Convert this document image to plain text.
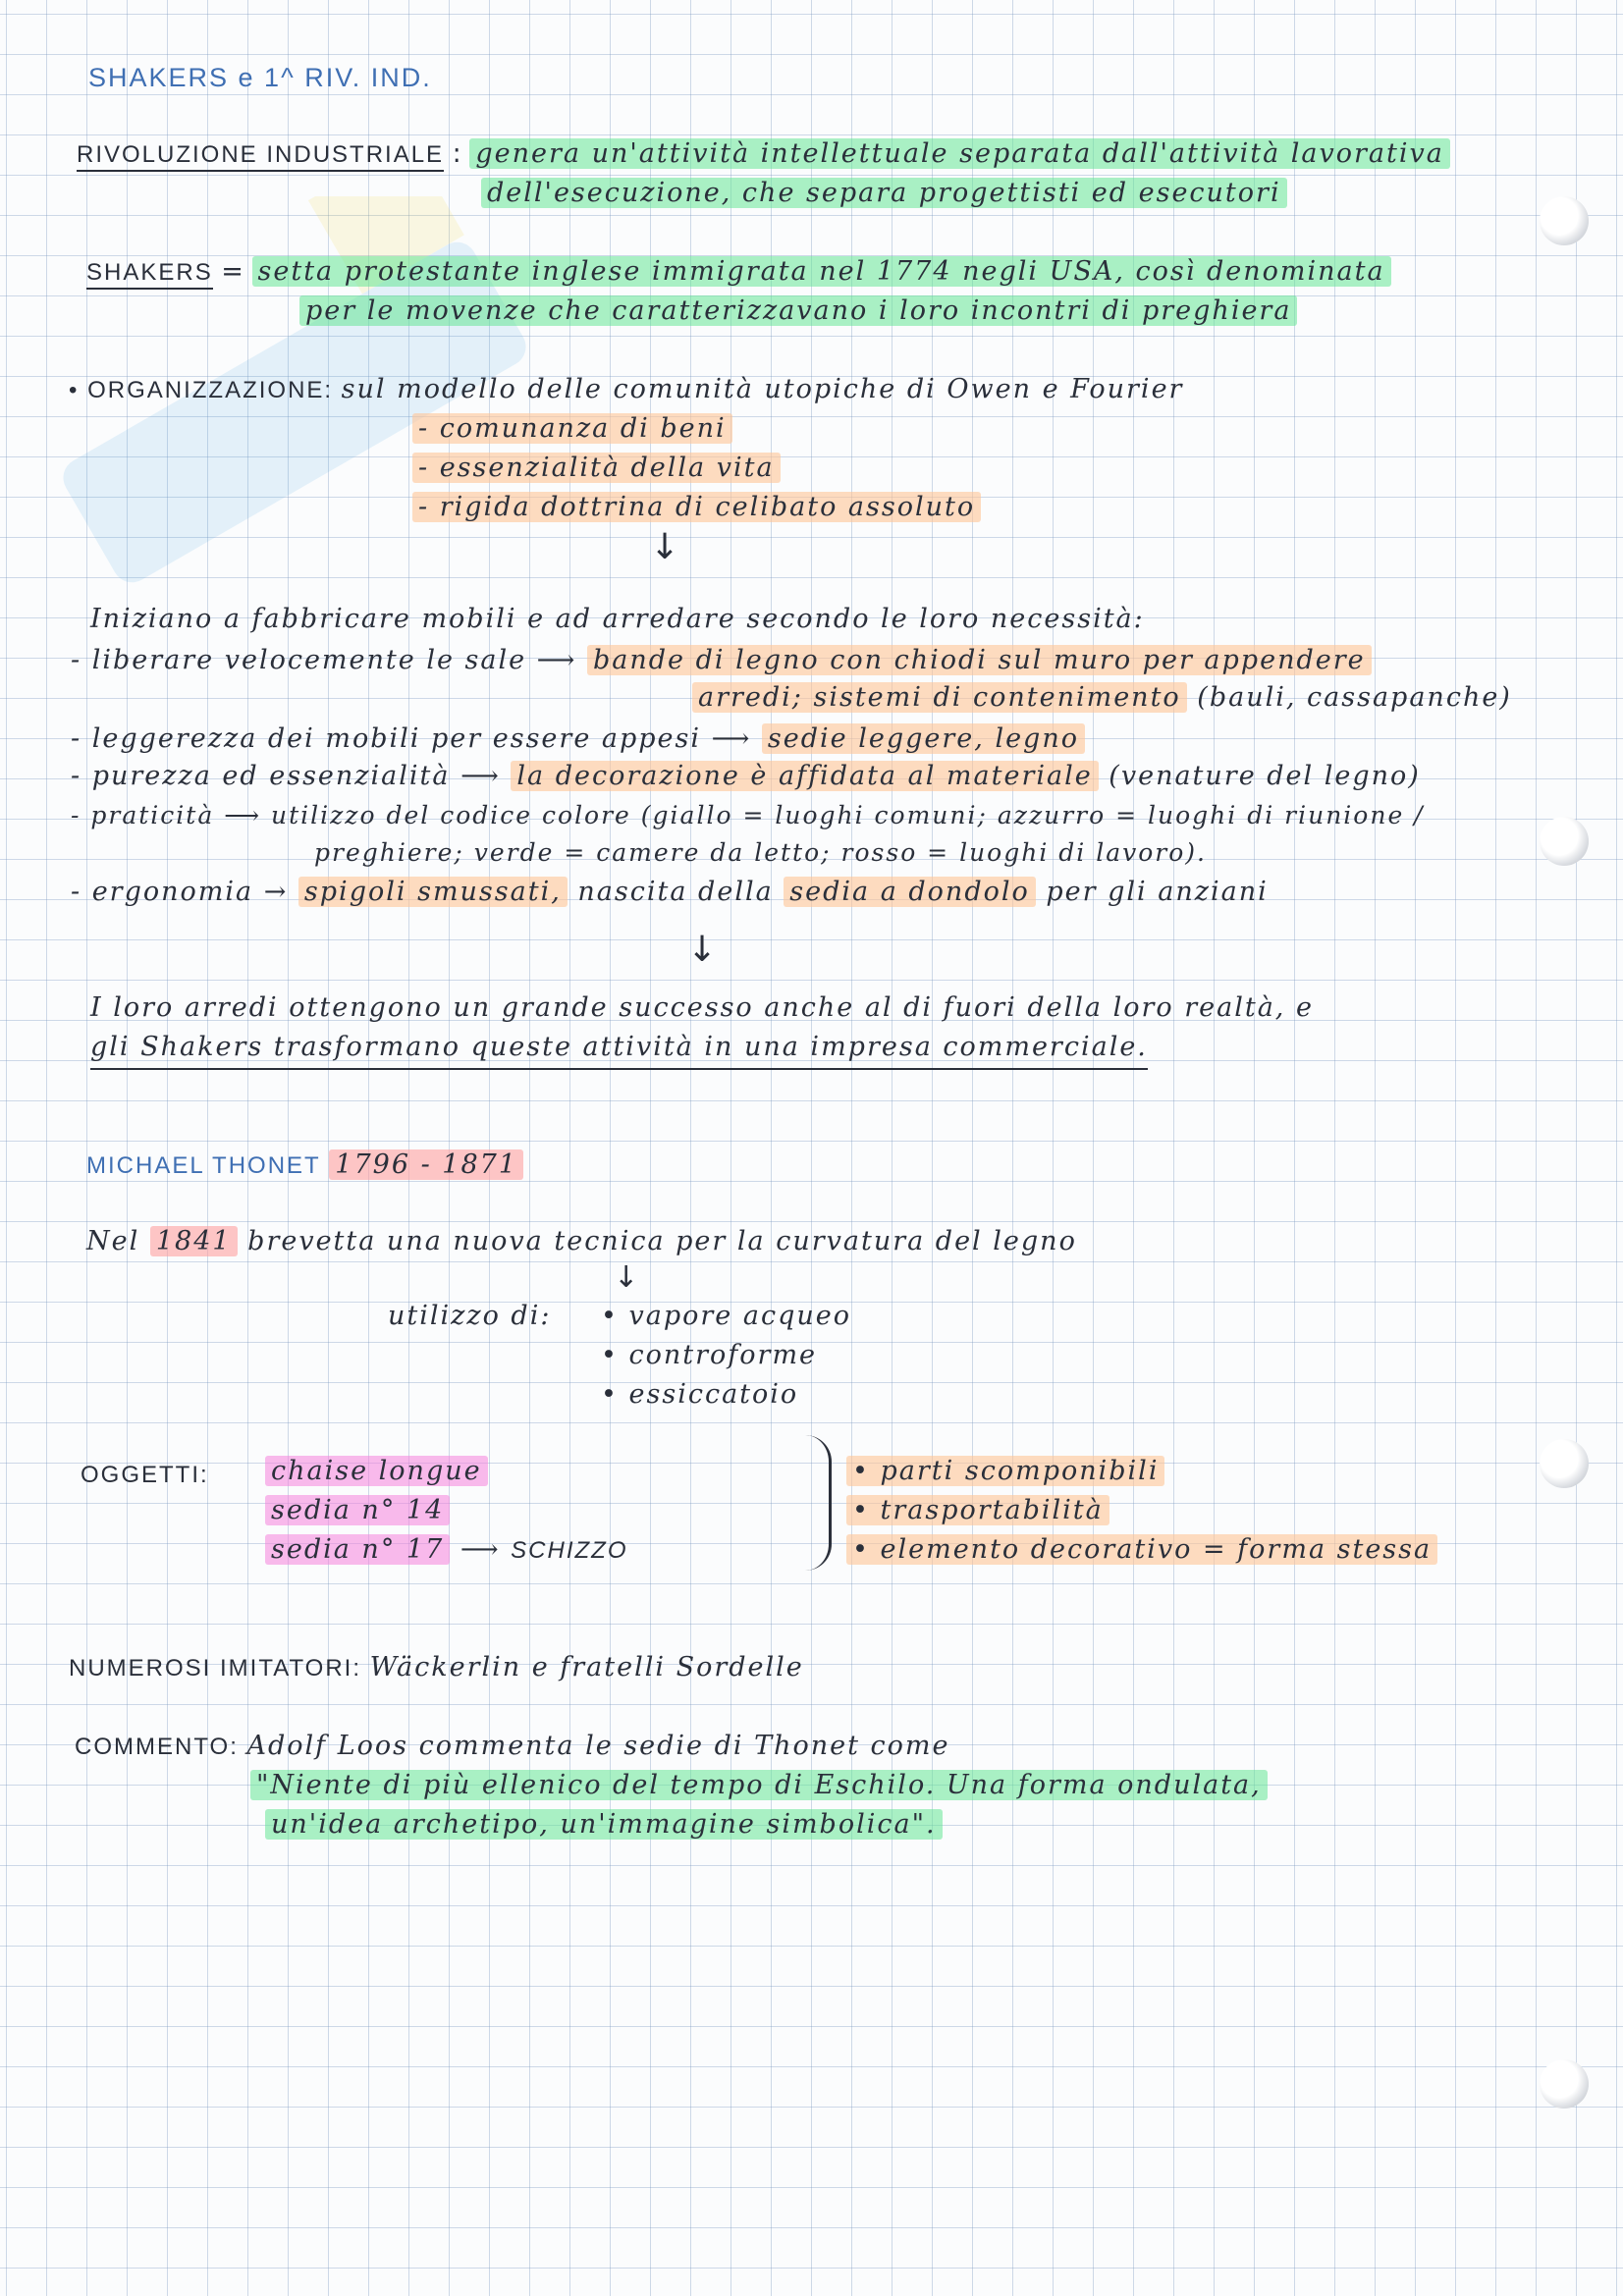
SHAKERS e 1^ RIV. IND.
RIVOLUZIONE INDUSTRIALE : genera un'attività intellettuale separata dall'attività lavorativa
dell'esecuzione, che separa progettisti ed esecutori
SHAKERS = setta protestante inglese immigrata nel 1774 negli USA, così denominata
per le movenze che caratterizzavano i loro incontri di preghiera
• ORGANIZZAZIONE: sul modello delle comunità utopiche di Owen e Fourier
- comunanza di beni
- essenzialità della vita
- rigida dottrina di celibato assoluto
↓
Iniziano a fabbricare mobili e ad arredare secondo le loro necessità:
- liberare velocemente le sale ⟶ bande di legno con chiodi sul muro per appendere
arredi; sistemi di contenimento (bauli, cassapanche)
- leggerezza dei mobili per essere appesi ⟶ sedie leggere, legno
- purezza ed essenzialità ⟶ la decorazione è affidata al materiale (venature del legno)
- praticità ⟶ utilizzo del codice colore (giallo = luoghi comuni; azzurro = luoghi di riunione /
preghiere; verde = camere da letto; rosso = luoghi di lavoro).
- ergonomia → spigoli smussati, nascita della sedia a dondolo per gli anziani
↓
I loro arredi ottengono un grande successo anche al di fuori della loro realtà, e
gli Shakers trasformano queste attività in una impresa commerciale.
MICHAEL THONET 1796 - 1871
Nel 1841 brevetta una nuova tecnica per la curvatura del legno
↓
utilizzo di: • vapore acqueo
• controforme
• essiccatoio
OGGETTI: chaise longue
sedia n° 14
sedia n° 17 ⟶ SCHIZZO
• parti scomponibili
• trasportabilità
• elemento decorativo = forma stessa
NUMEROSI IMITATORI: Wäckerlin e fratelli Sordelle
COMMENTO: Adolf Loos commenta le sedie di Thonet come
"Niente di più ellenico del tempo di Eschilo. Una forma ondulata,
un'idea archetipo, un'immagine simbolica".
